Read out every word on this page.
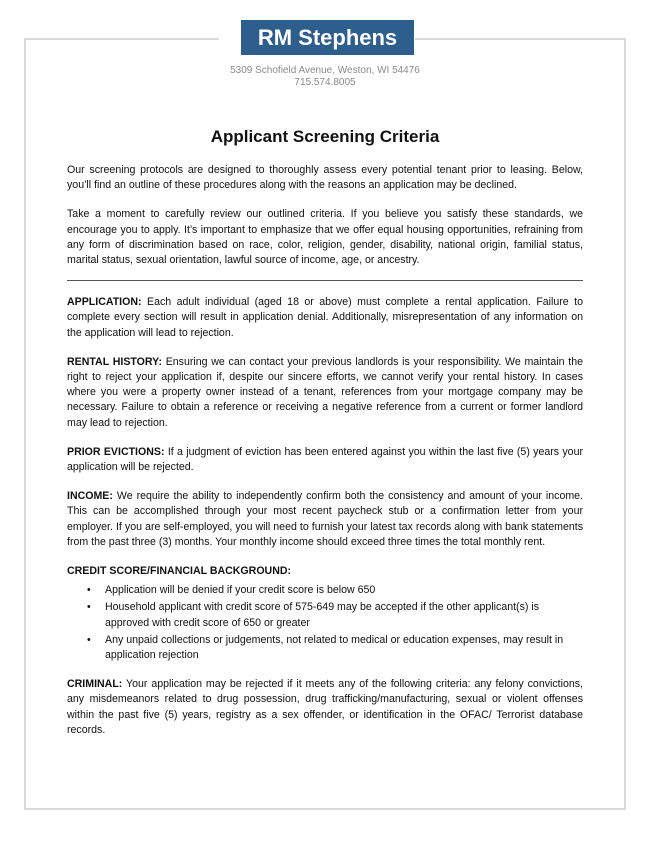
RM Stephens
5309 Schofield Avenue, Weston, WI 54476
715.574.8005
Applicant Screening Criteria

Our screening protocols are designed to thoroughly assess every potential tenant prior to leasing. Below, you’ll find an outline of these procedures along with the reasons an application may be declined.

Take a moment to carefully review our outlined criteria. If you believe you satisfy these standards, we encourage you to apply. It’s important to emphasize that we offer equal housing opportunities, refraining from any form of discrimination based on race, color, religion, gender, disability, national origin, familial status, marital status, sexual orientation, lawful source of income, age, or ancestry.

APPLICATION: Each adult individual (aged 18 or above) must complete a rental application. Failure to complete every section will result in application denial. Additionally, misrepresentation of any information on the application will lead to rejection.

RENTAL HISTORY: Ensuring we can contact your previous landlords is your responsibility. We maintain the right to reject your application if, despite our sincere efforts, we cannot verify your rental history. In cases where you were a property owner instead of a tenant, references from your mortgage company may be necessary. Failure to obtain a reference or receiving a negative reference from a current or former landlord may lead to rejection.

PRIOR EVICTIONS: If a judgment of eviction has been entered against you within the last five (5) years your application will be rejected.

INCOME: We require the ability to independently confirm both the consistency and amount of your income. This can be accomplished through your most recent paycheck stub or a confirmation letter from your employer. If you are self-employed, you will need to furnish your latest tax records along with bank statements from the past three (3) months. Your monthly income should exceed three times the total monthly rent.

CREDIT SCORE/FINANCIAL BACKGROUND:
• Application will be denied if your credit score is below 650
• Household applicant with credit score of 575-649 may be accepted if the other applicant(s) is approved with credit score of 650 or greater
• Any unpaid collections or judgements, not related to medical or education expenses, may result in application rejection

CRIMINAL: Your application may be rejected if it meets any of the following criteria: any felony convictions, any misdemeanors related to drug possession, drug trafficking/manufacturing, sexual or violent offenses within the past five (5) years, registry as a sex offender, or identification in the OFAC/ Terrorist database records.
